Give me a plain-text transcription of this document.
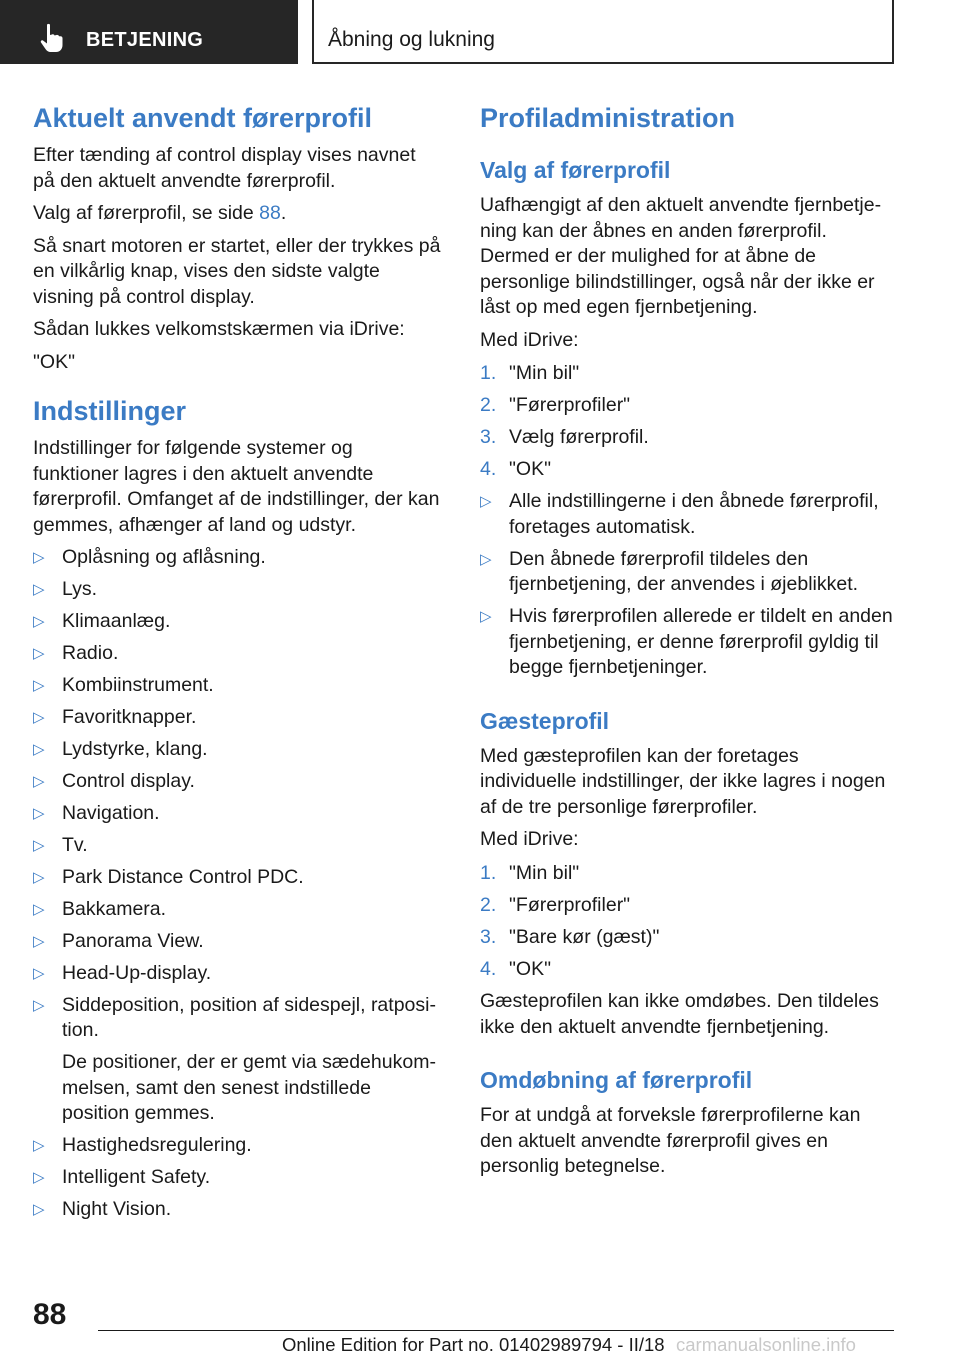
BETJENING	Åbning og lukning
Aktuelt anvendt førerprofil

Efter tænding af control display vises navnet på den aktuelt anvendte førerprofil.

Valg af førerprofil, se side 88.

Så snart motoren er startet, eller der trykkes på en vilkårlig knap, vises den sidste valgte visning på control display.

Sådan lukkes velkomstskærmen via iDrive:

"OK"

Indstillinger

Indstillinger for følgende systemer og funktioner lagres i den aktuelt anvendte førerprofil. Omfanget af de indstillinger, der kan gemmes, afhænger af land og udstyr.

▷ Oplåsning og aflåsning.
▷ Lys.
▷ Klimaanlæg.
▷ Radio.
▷ Kombiinstrument.
▷ Favoritknapper.
▷ Lydstyrke, klang.
▷ Control display.
▷ Navigation.
▷ Tv.
▷ Park Distance Control PDC.
▷ Bakkamera.
▷ Panorama View.
▷ Head-Up-display.
▷ Siddeposition, position af sidespejl, ratposition.
De positioner, der er gemt via sædehukommelsen, samt den senest indstillede position gemmes.
▷ Hastighedsregulering.
▷ Intelligent Safety.
▷ Night Vision.
Profiladministration
Valg af førerprofil

Uafhængigt af den aktuelt anvendte fjernbetjening kan der åbnes en anden førerprofil. Dermed er der mulighed for at åbne de personlige bilindstillinger, også når der ikke er låst op med egen fjernbetjening.

Med iDrive:

1. "Min bil"
2. "Førerprofiler"
3. Vælg førerprofil.
4. "OK"
▷ Alle indstillingerne i den åbnede førerprofil, foretages automatisk.
▷ Den åbnede førerprofil tildeles den fjernbetjening, der anvendes i øjeblikket.
▷ Hvis førerprofilen allerede er tildelt en anden fjernbetjening, er denne førerprofil gyldig til begge fjernbetjeninger.
Gæsteprofil

Med gæsteprofilen kan der foretages individuelle indstillinger, der ikke lagres i nogen af de tre personlige førerprofiler.

Med iDrive:

1. "Min bil"
2. "Førerprofiler"
3. "Bare kør (gæst)"
4. "OK"

Gæsteprofilen kan ikke omdøbes. Den tildeles ikke den aktuelt anvendte fjernbetjening.

Omdøbning af førerprofil

For at undgå at forveksle førerprofilerne kan den aktuelt anvendte førerprofil gives en personlig betegnelse.

88
Online Edition for Part no. 01402989794 - II/18 carmanualsonline.info
